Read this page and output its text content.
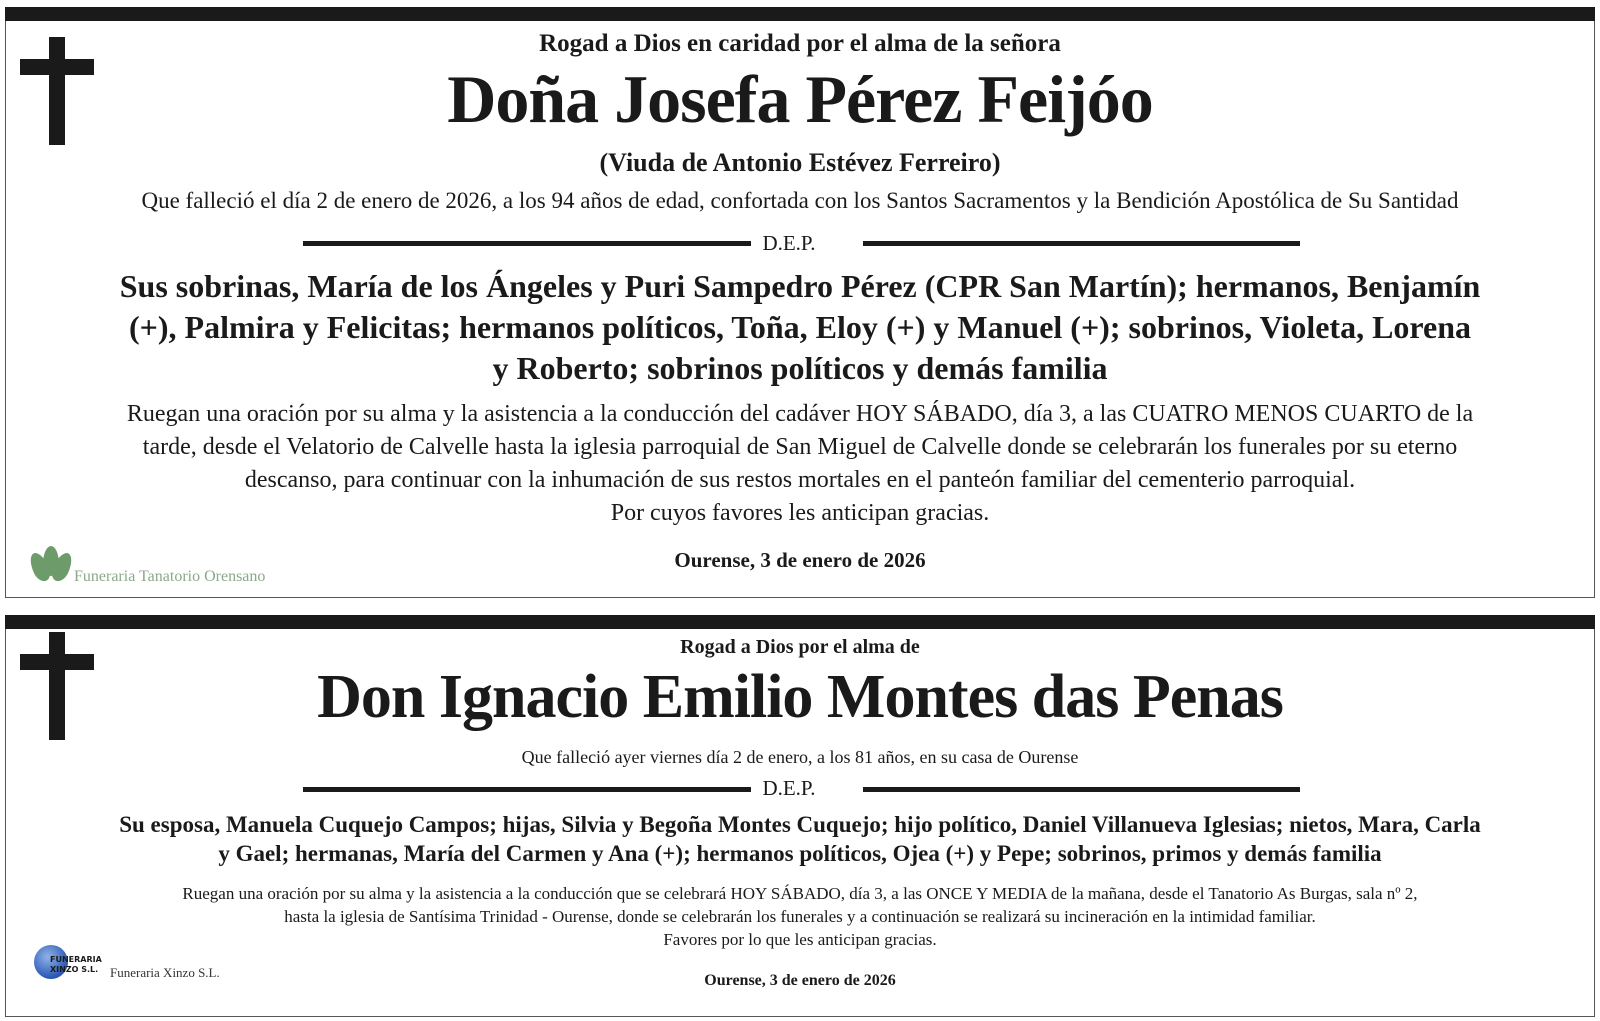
Rogad a Dios en caridad por el alma de la señora
Doña Josefa Pérez Feijóo
(Viuda de Antonio Estévez Ferreiro)
Que falleció el día 2 de enero de 2026, a los 94 años de edad, confortada con los Santos Sacramentos y la Bendición Apostólica de Su Santidad
D.E.P.
Sus sobrinas, María de los Ángeles y Puri Sampedro Pérez (CPR San Martín); hermanos, Benjamín
(+), Palmira y Felicitas; hermanos políticos, Toña, Eloy (+) y Manuel (+); sobrinos, Violeta, Lorena
y Roberto; sobrinos políticos y demás familia
Ruegan una oración por su alma y la asistencia a la conducción del cadáver HOY SÁBADO, día 3, a las CUATRO MENOS CUARTO de la
tarde, desde el Velatorio de Calvelle hasta la iglesia parroquial de San Miguel de Calvelle donde se celebrarán los funerales por su eterno
descanso, para continuar con la inhumación de sus restos mortales en el panteón familiar del cementerio parroquial.
Por cuyos favores les anticipan gracias.
Ourense, 3 de enero de 2026
Funeraria Tanatorio Orensano
Rogad a Dios por el alma de
Don Ignacio Emilio Montes das Penas
Que falleció ayer viernes día 2 de enero, a los 81 años, en su casa de Ourense
D.E.P.
Su esposa, Manuela Cuquejo Campos; hijas, Silvia y Begoña Montes Cuquejo; hijo político, Daniel Villanueva Iglesias; nietos, Mara, Carla
y Gael; hermanas, María del Carmen y Ana (+); hermanos políticos, Ojea (+) y Pepe; sobrinos, primos y demás familia
Ruegan una oración por su alma y la asistencia a la conducción que se celebrará HOY SÁBADO, día 3, a las ONCE Y MEDIA de la mañana, desde el Tanatorio As Burgas, sala nº 2,
hasta la iglesia de Santísima Trinidad - Ourense, donde se celebrarán los funerales y a continuación se realizará su incineración en la intimidad familiar.
Favores por lo que les anticipan gracias.
Ourense, 3 de enero de 2026
FUNERARIA XINZO S.L. Funeraria Xinzo S.L.
